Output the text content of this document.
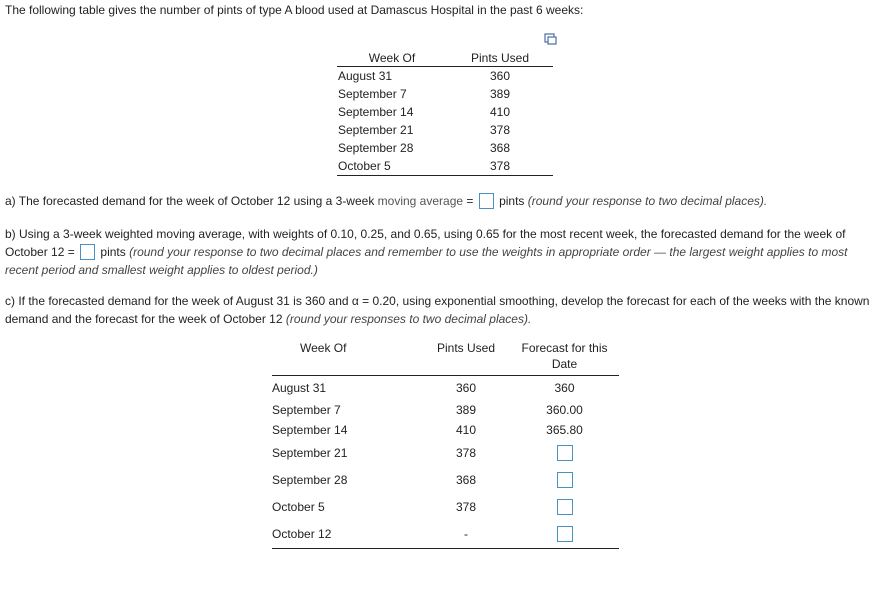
The following table gives the number of pints of type A blood used at Damascus Hospital in the past 6 weeks:
Week Of	Pints Used
August 31	360
September 7	389
September 14	410
September 21	378
September 28	368
October 5	378
a) The forecasted demand for the week of October 12 using a 3-week moving average = pints (round your response to two decimal places).
b) Using a 3-week weighted moving average, with weights of 0.10, 0.25, and 0.65, using 0.65 for the most recent week, the forecasted demand for the week of October 12 =  pints (round your response to two decimal places and remember to use the weights in appropriate order — the largest weight applies to most recent period and smallest weight applies to oldest period.)
c) If the forecasted demand for the week of August 31 is 360 and α = 0.20, using exponential smoothing, develop the forecast for each of the weeks with the known demand and the forecast for the week of October 12 (round your responses to two decimal places).
Week Of	Pints Used	Forecast for this Date
August 31	360	360
September 7	389	360.00
September 14	410	365.80
September 21	378	
September 28	368	
October 5	378	
October 12	-	
